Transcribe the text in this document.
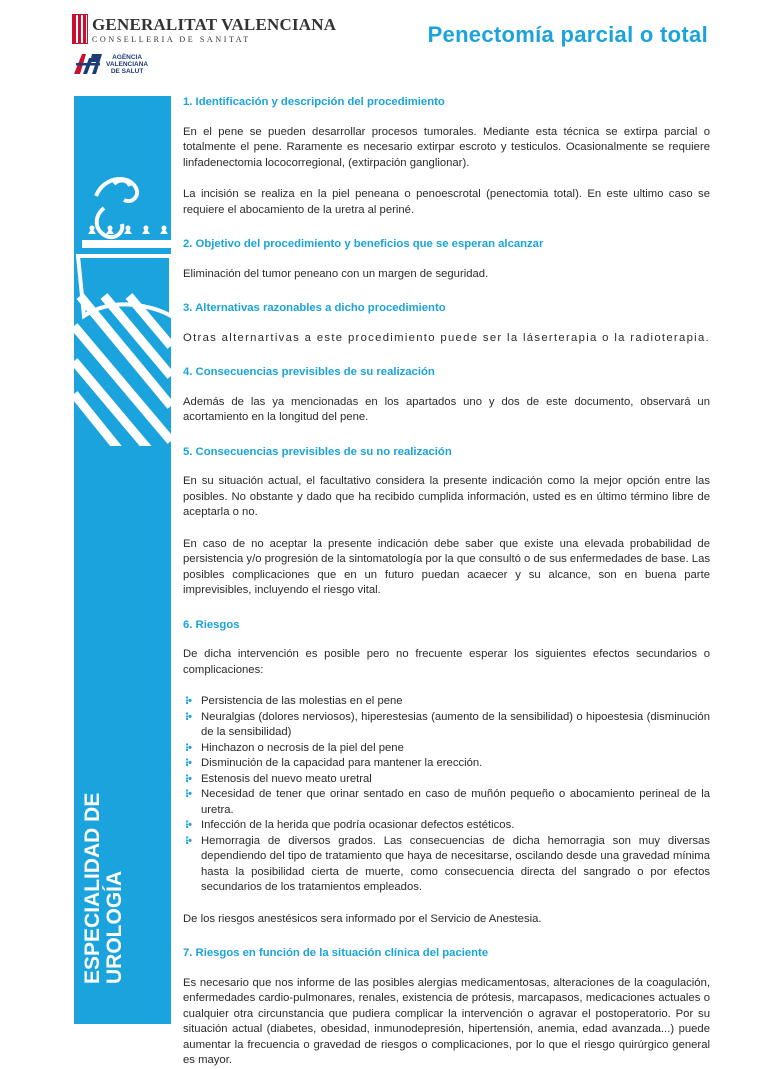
GENERALITAT VALENCIANA
CONSELLERIA DE SANITAT
AGÈNCIA
VALENCIANA
DE SALUT
Penectomía parcial o total
ESPECIALIDAD DE UROLOGÍA
1. Identificación y descripción del procedimiento

En el pene se pueden desarrollar procesos tumorales. Mediante esta técnica se extirpa parcial o totalmente el pene. Raramente es necesario extirpar escroto y testiculos. Ocasionalmente se requiere linfadenectomia lococorregional, (extirpación ganglionar).

La incisión se realiza en la piel peneana o penoescrotal (penectomia total). En este ultimo caso se requiere el abocamiento de la uretra al periné.

2. Objetivo del procedimiento y beneficios que se esperan alcanzar

Eliminación del tumor peneano con un margen de seguridad.

3. Alternativas razonables a dicho procedimiento

Otras alternartivas a este procedimiento puede ser la láserterapia o la radioterapia.

4. Consecuencias previsibles de su realización

Además de las ya mencionadas en los apartados uno y dos de este documento, observará un acortamiento en la longitud del pene.

5. Consecuencias previsibles de su no realización

En su situación actual, el facultativo considera la presente indicación como la mejor opción entre las posibles. No obstante y dado que ha recibido cumplida información, usted es en último término libre de aceptarla o no.

En caso de no aceptar la presente indicación debe saber que existe una elevada probabilidad de persistencia y/o progresión de la sintomatología por la que consultó o de sus enfermedades de base. Las posibles complicaciones que en un futuro puedan acaecer y su alcance, son en buena parte imprevisibles, incluyendo el riesgo vital.

6. Riesgos

De dicha intervención es posible pero no frecuente esperar los siguientes efectos secundarios o complicaciones:

⁝• Persistencia de las molestias en el pene
⁝• Neuralgias (dolores nerviosos), hiperestesias (aumento de la sensibilidad) o hipoestesia (disminución de la sensibilidad)
⁝• Hinchazon o necrosis de la piel del pene
⁝• Disminución de la capacidad para mantener la erección.
⁝• Estenosis del nuevo meato uretral
⁝• Necesidad de tener que orinar sentado en caso de muñón pequeño o abocamiento perineal de la uretra.
⁝• Infección de la herida que podría ocasionar defectos estéticos.
⁝• Hemorragia de diversos grados. Las consecuencias de dicha hemorragia son muy diversas dependiendo del tipo de tratamiento que haya de necesitarse, oscilando desde una gravedad mínima hasta la posibilidad cierta de muerte, como consecuencia directa del sangrado o por efectos secundarios de los tratamientos empleados.

De los riesgos anestésicos sera informado por el Servicio de Anestesia.

7. Riesgos en función de la situación clínica del paciente

Es necesario que nos informe de las posibles alergias medicamentosas, alteraciones de la coagulación, enfermedades cardio-pulmonares, renales, existencia de prótesis, marcapasos, medicaciones actuales o cualquier otra circunstancia que pudiera complicar la intervención o agravar el postoperatorio. Por su situación actual (diabetes, obesidad, inmunodepresión, hipertensión, anemia, edad avanzada...) puede aumentar la frecuencia o gravedad de riesgos o complicaciones, por lo que el riesgo quirúrgico general es mayor.
